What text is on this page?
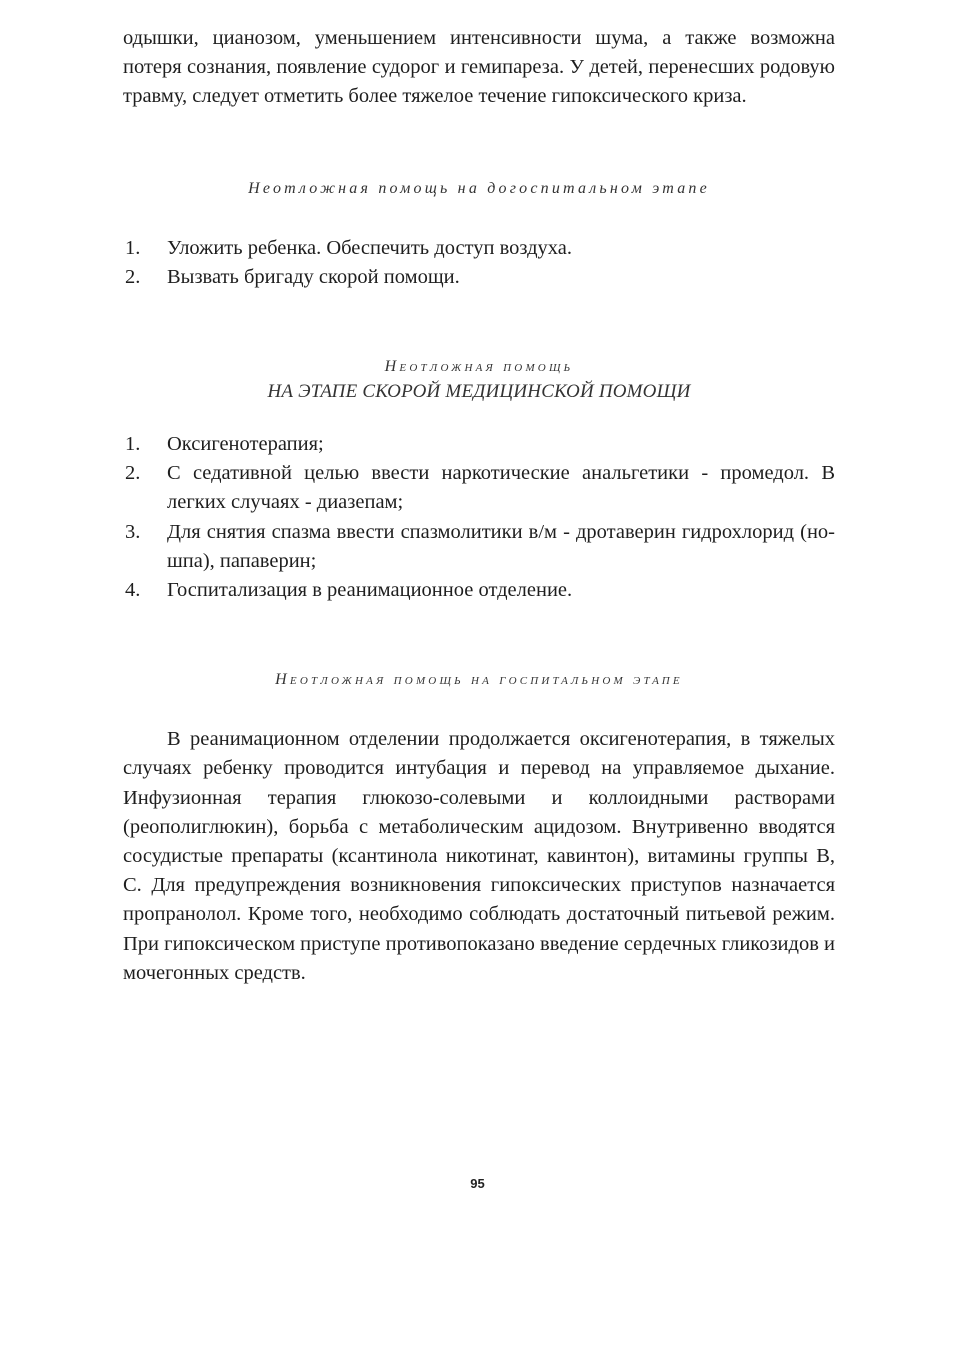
одышки, цианозом, уменьшением интенсивности шума, а также возможна потеря сознания, появление судорог и гемипареза. У детей, перенесших родовую травму, следует отметить более тяжелое течение гипоксического криза.

Неотложная помощь на догоспитальном этапе

1. Уложить ребенка. Обеспечить доступ воздуха.
2. Вызвать бригаду скорой помощи.

Неотложная помощь

НА ЭТАПЕ СКОРОЙ МЕДИЦИНСКОЙ ПОМОЩИ

1. Оксигенотерапия;
2. С седативной целью ввести наркотические анальгетики - промедол. В легких случаях - диазепам;
3. Для снятия спазма ввести спазмолитики в/м - дротаверин гидрохлорид (но-шпа), папаверин;
4. Госпитализация в реанимационное отделение.

Неотложная помощь на госпитальном этапе

В реанимационном отделении продолжается оксигенотерапия, в тяжелых случаях ребенку проводится интубация и перевод на управляемое дыхание. Инфузионная терапия глюкозо-солевыми и коллоидными растворами (реополиглюкин), борьба с метаболическим ацидозом. Внутривенно вводятся сосудистые препараты (ксантинола никотинат, кавинтон), витамины группы В, С. Для предупреждения возникновения гипоксических приступов назначается пропранолол. Кроме того, необходимо соблюдать достаточный питьевой режим. При гипоксическом приступе противопоказано введение сердечных гликозидов и мочегонных средств.

95
